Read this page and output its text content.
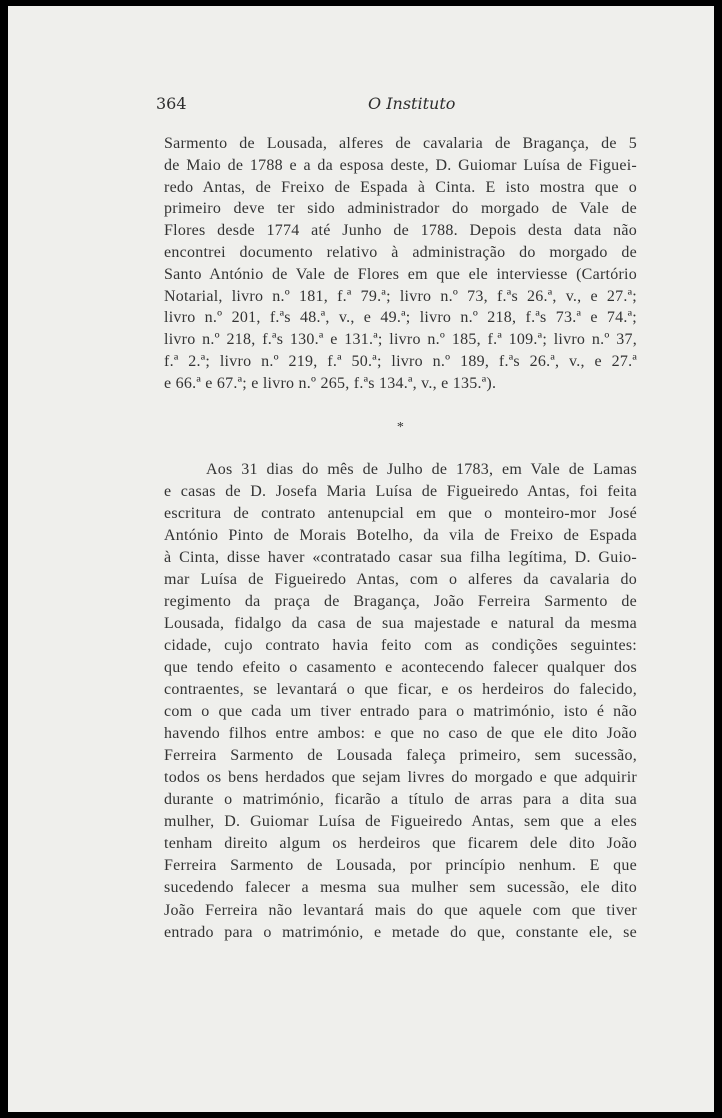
364	O Instituto

Sarmento de Lousada, alferes de cavalaria de Bragança, de 5

de Maio de 1788 e a da esposa deste, D. Guiomar Luísa de Figuei-

redo Antas, de Freixo de Espada à Cinta. E isto mostra que o

primeiro deve ter sido administrador do morgado de Vale de

Flores desde 1774 até Junho de 1788. Depois desta data não

encontrei documento relativo à administração do morgado de

Santo António de Vale de Flores em que ele interviesse (Cartório

Notarial, livro n.º 181, f.ª 79.ª; livro n.º 73, f.ªs 26.ª, v., e 27.ª;

livro n.º 201, f.ªs 48.ª, v., e 49.ª; livro n.º 218, f.ªs 73.ª e 74.ª;

livro n.º 218, f.ªs 130.ª e 131.ª; livro n.º 185, f.ª 109.ª; livro n.º 37,

f.ª 2.ª; livro n.º 219, f.ª 50.ª; livro n.º 189, f.ªs 26.ª, v., e 27.ª

e 66.ª e 67.ª; e livro n.º 265, f.ªs 134.ª, v., e 135.ª).

*

Aos 31 dias do mês de Julho de 1783, em Vale de Lamas

e casas de D. Josefa Maria Luísa de Figueiredo Antas, foi feita

escritura de contrato antenupcial em que o monteiro-mor José

António Pinto de Morais Botelho, da vila de Freixo de Espada

à Cinta, disse haver «contratado casar sua filha legítima, D. Guio-

mar Luísa de Figueiredo Antas, com o alferes da cavalaria do

regimento da praça de Bragança, João Ferreira Sarmento de

Lousada, fidalgo da casa de sua majestade e natural da mesma

cidade, cujo contrato havia feito com as condições seguintes:

que tendo efeito o casamento e acontecendo falecer qualquer dos

contraentes, se levantará o que ficar, e os herdeiros do falecido,

com o que cada um tiver entrado para o matrimónio, isto é não

havendo filhos entre ambos: e que no caso de que ele dito João

Ferreira Sarmento de Lousada faleça primeiro, sem sucessão,

todos os bens herdados que sejam livres do morgado e que adquirir

durante o matrimónio, ficarão a título de arras para a dita sua

mulher, D. Guiomar Luísa de Figueiredo Antas, sem que a eles

tenham direito algum os herdeiros que ficarem dele dito João

Ferreira Sarmento de Lousada, por princípio nenhum. E que

sucedendo falecer a mesma sua mulher sem sucessão, ele dito

João Ferreira não levantará mais do que aquele com que tiver

entrado para o matrimónio, e metade do que, constante ele, se
